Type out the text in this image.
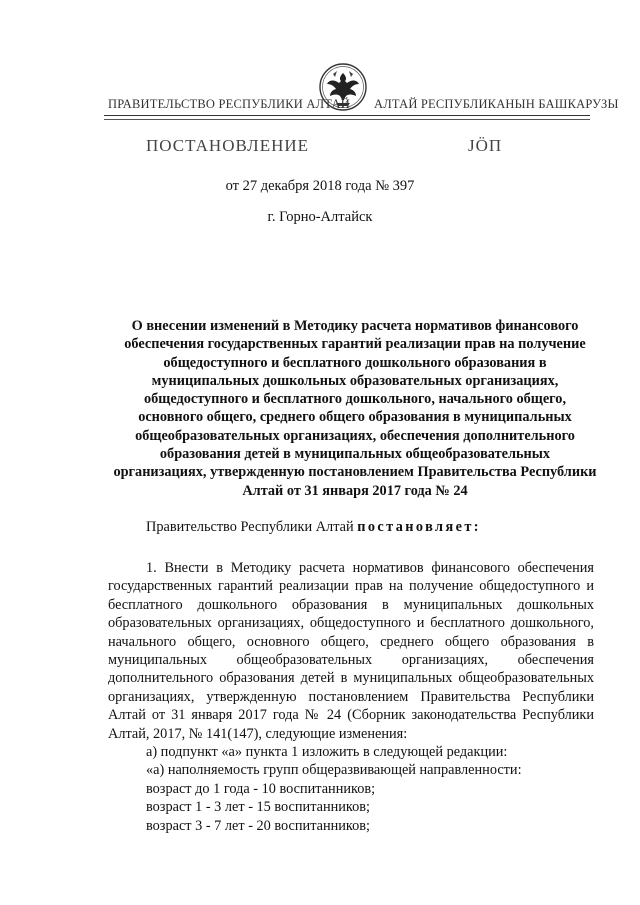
ПРАВИТЕЛЬСТВО РЕСПУБЛИКИ АЛТАЙ АЛТАЙ РЕСПУБЛИКАНЫН БАШКАРУЗЫ
ПОСТАНОВЛЕНИЕ	ЈӦП
от 27 декабря 2018 года № 397
г. Горно-Алтайск
О внесении изменений в Методику расчета нормативов финансового обеспечения государственных гарантий реализации прав на получение общедоступного и бесплатного дошкольного образования в муниципальных дошкольных образовательных организациях, общедоступного и бесплатного дошкольного, начального общего, основного общего, среднего общего образования в муниципальных общеобразовательных организациях, обеспечения дополнительного образования детей в муниципальных общеобразовательных организациях, утвержденную постановлением Правительства Республики Алтай от 31 января 2017 года № 24
Правительство Республики Алтай постановляет:

1. Внести в Методику расчета нормативов финансового обеспечения государственных гарантий реализации прав на получение общедоступного и бесплатного дошкольного образования в муниципальных дошкольных образовательных организациях, общедоступного и бесплатного дошкольного, начального общего, основного общего, среднего общего образования в муниципальных общеобразовательных организациях, обеспечения дополнительного образования детей в муниципальных общеобразовательных организациях, утвержденную постановлением Правительства Республики Алтай от 31 января 2017 года № 24 (Сборник законодательства Республики Алтай, 2017, № 141(147), следующие изменения:

а) подпункт «а» пункта 1 изложить в следующей редакции:

«а) наполняемость групп общеразвивающей направленности:

возраст до 1 года - 10 воспитанников;

возраст 1 - 3 лет - 15 воспитанников;

возраст 3 - 7 лет - 20 воспитанников;
